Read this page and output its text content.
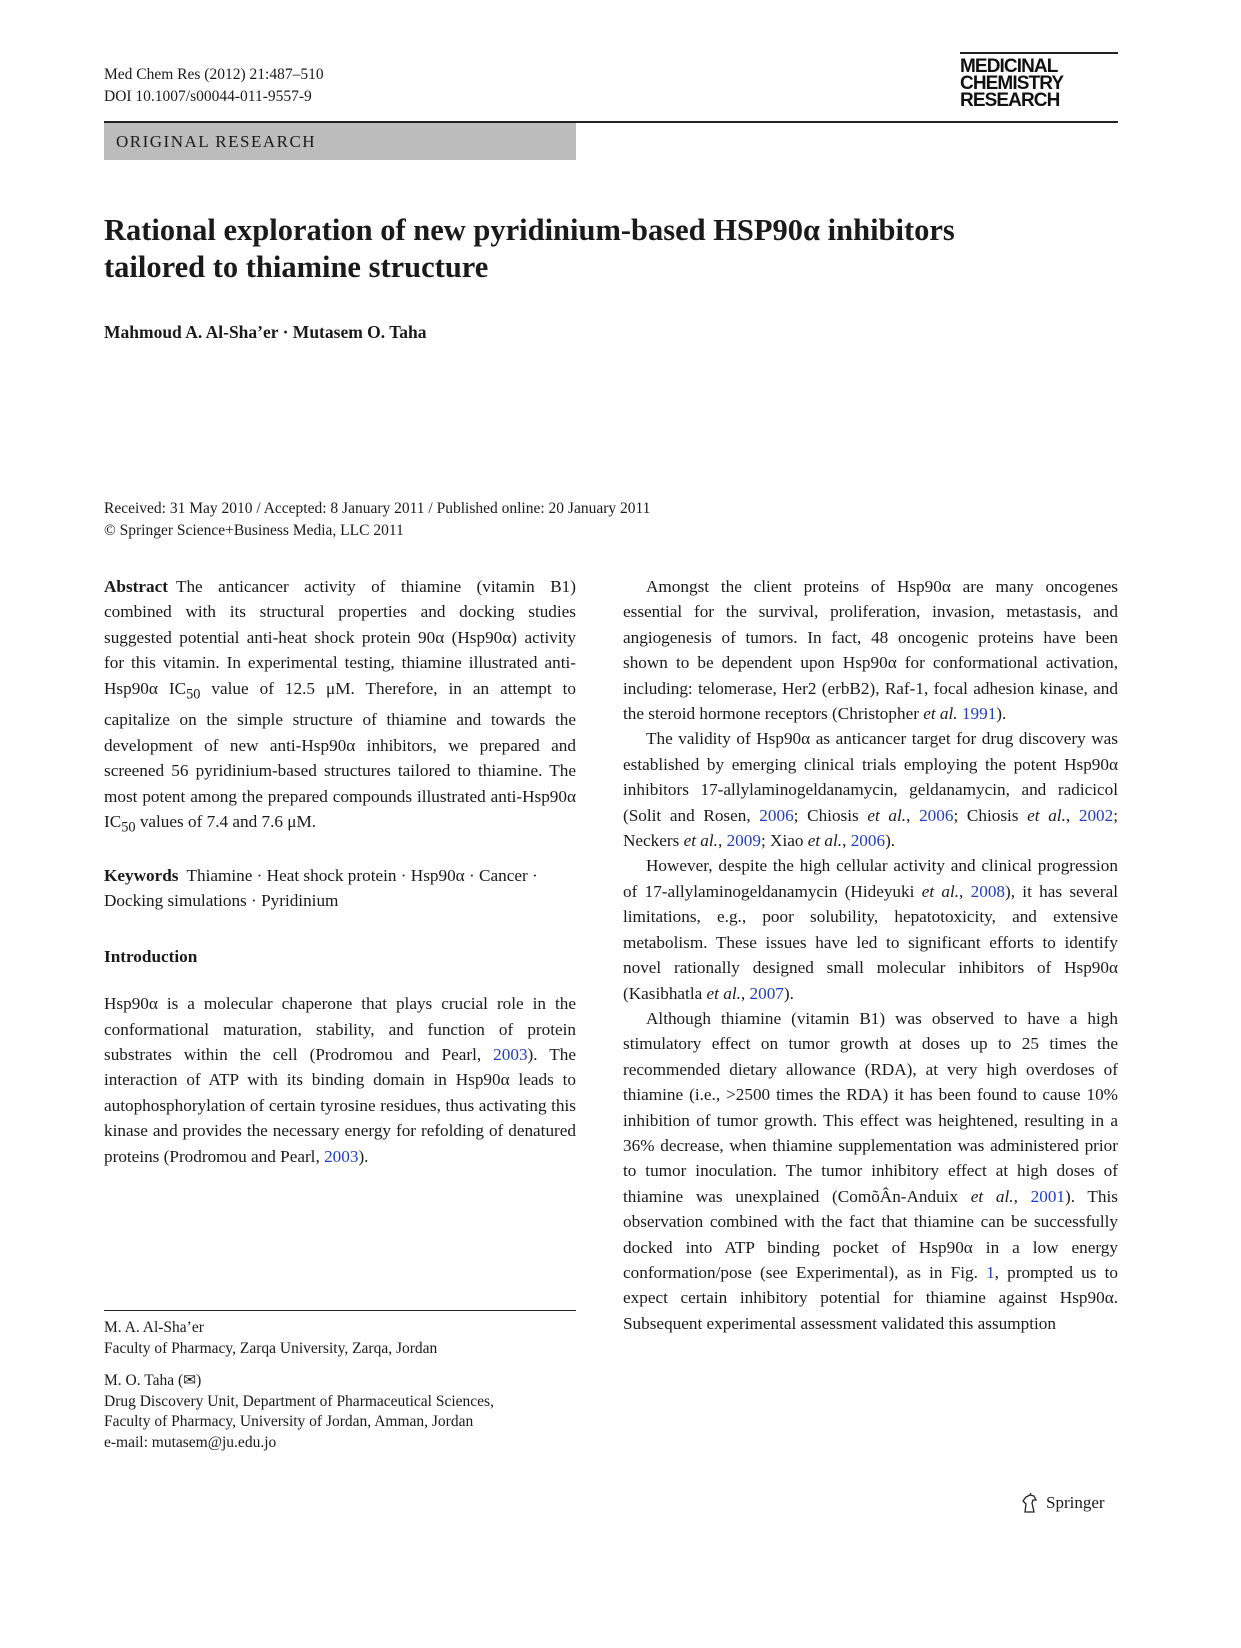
Med Chem Res (2012) 21:487–510
DOI 10.1007/s00044-011-9557-9
MEDICINAL
CHEMISTRY
RESEARCH
ORIGINAL RESEARCH
Rational exploration of new pyridinium-based HSP90α inhibitors
tailored to thiamine structure
Mahmoud A. Al-Sha’er · Mutasem O. Taha
Received: 31 May 2010 / Accepted: 8 January 2011 / Published online: 20 January 2011
© Springer Science+Business Media, LLC 2011

Abstract The anticancer activity of thiamine (vitamin B1) combined with its structural properties and docking studies suggested potential anti-heat shock protein 90α (Hsp90α) activity for this vitamin. In experimental testing, thiamine illustrated anti-Hsp90α $IC_{50}$ value of 12.5 μM. Therefore, in an attempt to capitalize on the simple structure of thiamine and towards the development of new anti-Hsp90α inhibitors, we prepared and screened 56 pyridinium-based structures tailored to thiamine. The most potent among the prepared compounds illustrated anti-Hsp90α $IC_{50}$ values of 7.4 and 7.6 μM.

Keywords Thiamine · Heat shock protein · Hsp90α · Cancer · Docking simulations · Pyridinium

Introduction

Hsp90α is a molecular chaperone that plays crucial role in the conformational maturation, stability, and function of protein substrates within the cell (Prodromou and Pearl, 2003). The interaction of ATP with its binding domain in Hsp90α leads to autophosphorylation of certain tyrosine residues, thus activating this kinase and provides the necessary energy for refolding of denatured proteins (Prodromou and Pearl, 2003).

M. A. Al-Sha’er
Faculty of Pharmacy, Zarqa University, Zarqa, Jordan
M. O. Taha (✉)
Drug Discovery Unit, Department of Pharmaceutical Sciences,
Faculty of Pharmacy, University of Jordan, Amman, Jordan
e-mail: mutasem@ju.edu.jo

Amongst the client proteins of Hsp90α are many oncogenes essential for the survival, proliferation, invasion, metastasis, and angiogenesis of tumors. In fact, 48 oncogenic proteins have been shown to be dependent upon Hsp90α for conformational activation, including: telomerase, Her2 (erbB2), Raf-1, focal adhesion kinase, and the steroid hormone receptors (Christopher et al. 1991).

The validity of Hsp90α as anticancer target for drug discovery was established by emerging clinical trials employing the potent Hsp90α inhibitors 17-allylaminogeldanamycin, geldanamycin, and radicicol (Solit and Rosen, 2006; Chiosis et al., 2006; Chiosis et al., 2002; Neckers et al., 2009; Xiao et al., 2006).

However, despite the high cellular activity and clinical progression of 17-allylaminogeldanamycin (Hideyuki et al., 2008), it has several limitations, e.g., poor solubility, hepatotoxicity, and extensive metabolism. These issues have led to significant efforts to identify novel rationally designed small molecular inhibitors of Hsp90α (Kasibhatla et al., 2007).

Although thiamine (vitamin B1) was observed to have a high stimulatory effect on tumor growth at doses up to 25 times the recommended dietary allowance (RDA), at very high overdoses of thiamine (i.e., >2500 times the RDA) it has been found to cause 10% inhibition of tumor growth. This effect was heightened, resulting in a 36% decrease, when thiamine supplementation was administered prior to tumor inoculation. The tumor inhibitory effect at high doses of thiamine was unexplained (ComõÂn-Anduix et al., 2001). This observation combined with the fact that thiamine can be successfully docked into ATP binding pocket of Hsp90α in a low energy conformation/pose (see Experimental), as in Fig. 1, prompted us to expect certain inhibitory potential for thiamine against Hsp90α. Subsequent experimental assessment validated this assumption

Springer
